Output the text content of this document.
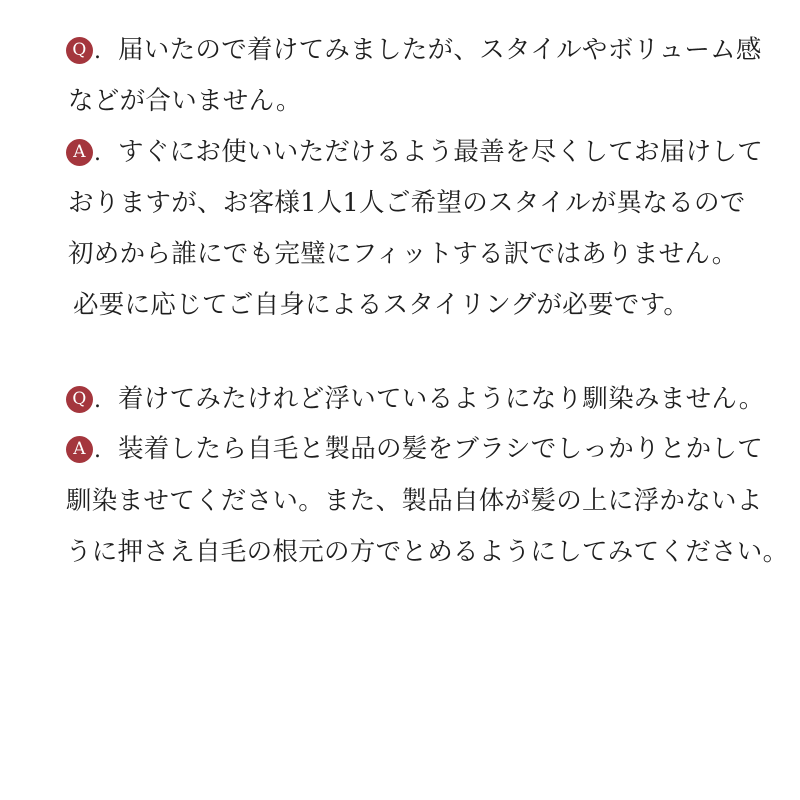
Q . 届いたので着けてみましたが、スタイルやボリューム感
などが合いません。
A . すぐにお使いいただけるよう最善を尽くしてお届けして
おりますが、お客様1人1人ご希望のスタイルが異なるので
初めから誰にでも完璧にフィットする訳ではありません。
必要に応じてご自身によるスタイリングが必要です。
Q . 着けてみたけれど浮いているようになり馴染みません。
A . 装着したら自毛と製品の髪をブラシでしっかりとかして
馴染ませてください。また、製品自体が髪の上に浮かないよ
うに押さえ自毛の根元の方でとめるようにしてみてください。
